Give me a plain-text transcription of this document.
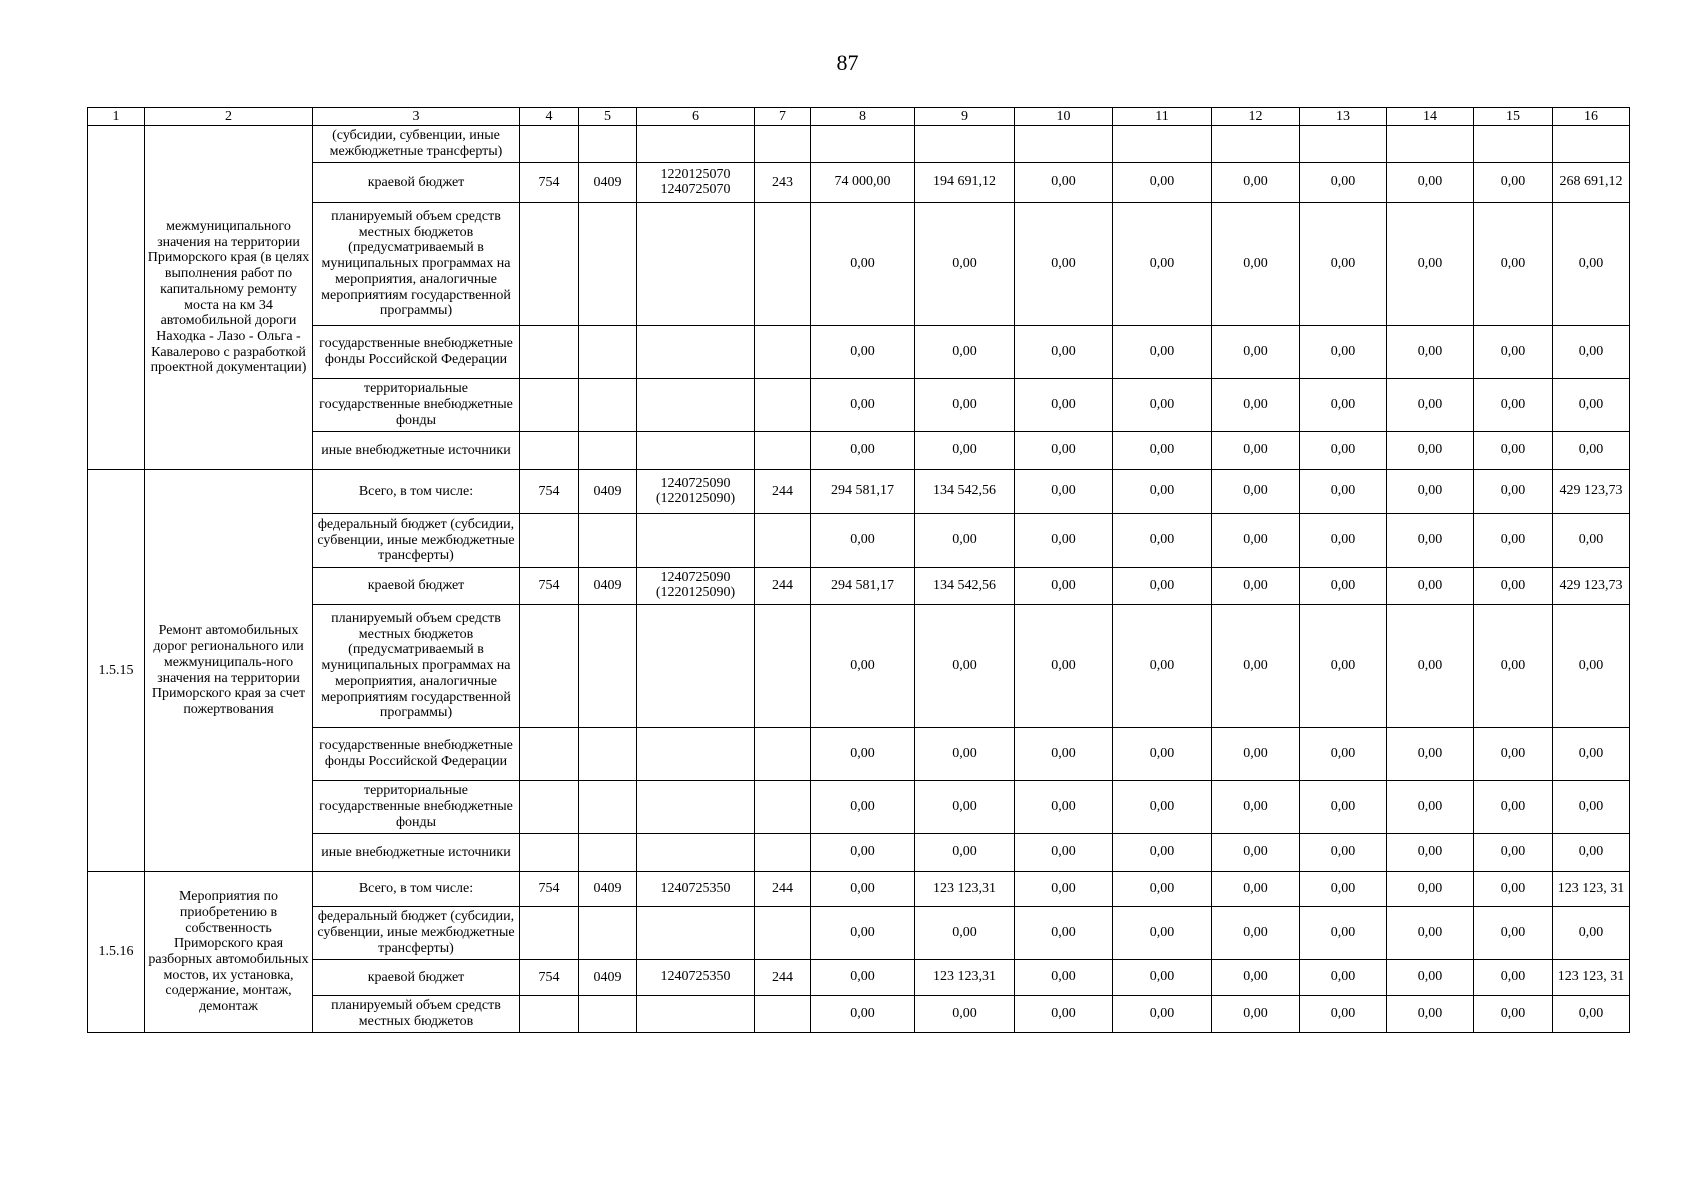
87
1	2	3	4	5	6	7	8	9	10	11	12	13	14	15	16
	межмуниципального значения на территории Приморского края (в целях выполнения работ по капитальному ремонту моста на км 34 автомобильной дороги Находка - Лазо - Ольга - Кавалерово с разработкой проектной документации)	(субсидии, субвенции, иные межбюджетные трансферты)													
		краевой бюджет	754	0409	1220125070 1240725070	243	74 000,00	194 691,12	0,00	0,00	0,00	0,00	0,00	0,00	268 691,12
		планируемый объем средств местных бюджетов (предусматриваемый в муниципальных программах на мероприятия, аналогичные мероприятиям государственной программы)					0,00	0,00	0,00	0,00	0,00	0,00	0,00	0,00	0,00
		государственные внебюджетные фонды Российской Федерации					0,00	0,00	0,00	0,00	0,00	0,00	0,00	0,00	0,00
		территориальные государственные внебюджетные фонды					0,00	0,00	0,00	0,00	0,00	0,00	0,00	0,00	0,00
		иные внебюджетные источники					0,00	0,00	0,00	0,00	0,00	0,00	0,00	0,00	0,00
1.5.15	Ремонт автомобильных дорог регионального или межмуниципаль-ного значения на территории Приморского края за счет пожертвования	Всего, в том числе:	754	0409	1240725090 (1220125090)	244	294 581,17	134 542,56	0,00	0,00	0,00	0,00	0,00	0,00	429 123,73
		федеральный бюджет (субсидии, субвенции, иные межбюджетные трансферты)					0,00	0,00	0,00	0,00	0,00	0,00	0,00	0,00	0,00
		краевой бюджет	754	0409	1240725090 (1220125090)	244	294 581,17	134 542,56	0,00	0,00	0,00	0,00	0,00	0,00	429 123,73
		планируемый объем средств местных бюджетов (предусматриваемый в муниципальных программах на мероприятия, аналогичные мероприятиям государственной программы)					0,00	0,00	0,00	0,00	0,00	0,00	0,00	0,00	0,00
		государственные внебюджетные фонды Российской Федерации					0,00	0,00	0,00	0,00	0,00	0,00	0,00	0,00	0,00
		территориальные государственные внебюджетные фонды					0,00	0,00	0,00	0,00	0,00	0,00	0,00	0,00	0,00
		иные внебюджетные источники					0,00	0,00	0,00	0,00	0,00	0,00	0,00	0,00	0,00
1.5.16	Мероприятия по приобретению в собственность Приморского края разборных автомобильных мостов, их установка, содержание, монтаж, демонтаж	Всего, в том числе:	754	0409	1240725350	244	0,00	123 123,31	0,00	0,00	0,00	0,00	0,00	0,00	123 123, 31
		федеральный бюджет (субсидии, субвенции, иные межбюджетные трансферты)					0,00	0,00	0,00	0,00	0,00	0,00	0,00	0,00	0,00
		краевой бюджет	754	0409	1240725350	244	0,00	123 123,31	0,00	0,00	0,00	0,00	0,00	0,00	123 123, 31
		планируемый объем средств местных бюджетов					0,00	0,00	0,00	0,00	0,00	0,00	0,00	0,00	0,00
